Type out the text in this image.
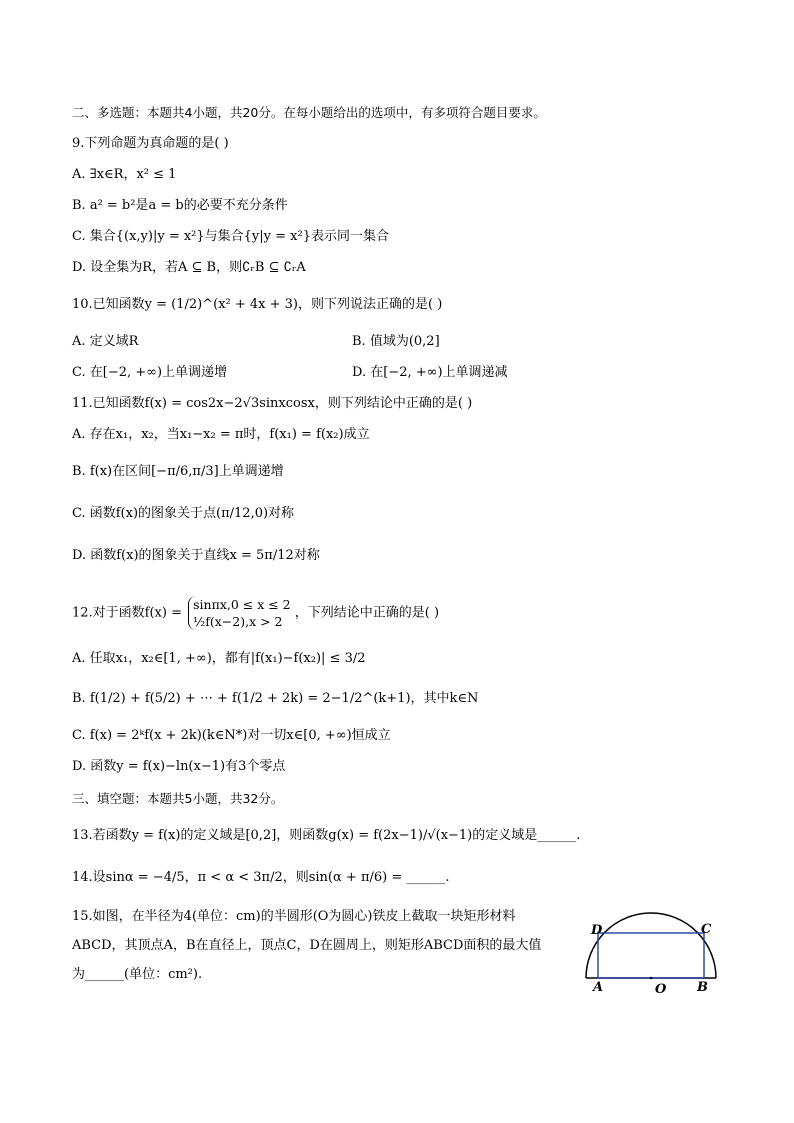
二、多选题：本题共4小题，共20分。在每小题给出的选项中，有多项符合题目要求。
9.下列命题为真命题的是( )
A. ∃x∈R，x² ≤ 1
B. a² = b²是a = b的必要不充分条件
C. 集合{(x,y)|y = x²}与集合{y|y = x²}表示同一集合
D. 设全集为R，若A ⊆ B，则∁ᵣB ⊆ ∁ᵣA
10.已知函数y = (1/2)^(x² + 4x + 3)，则下列说法正确的是( )
A. 定义域R	B. 值域为(0,2]
C. 在[−2, +∞)上单调递增	D. 在[−2, +∞)上单调递减
11.已知函数f(x) = cos2x−2√3sinxcosx，则下列结论中正确的是( )
A. 存在x₁，x₂，当x₁−x₂ = π时，f(x₁) = f(x₂)成立
B. f(x)在区间[−π/6,π/3]上单调递增
C. 函数f(x)的图象关于点(π/12,0)对称
D. 函数f(x)的图象关于直线x = 5π/12对称
12.对于函数f(x) =
sinπx,0 ≤ x ≤ 2
½f(x−2),x > 2
，下列结论中正确的是( )
A. 任取x₁，x₂∈[1, +∞)，都有|f(x₁)−f(x₂)| ≤ 3/2
B. f(1/2) + f(5/2) + ⋯ + f(1/2 + 2k) = 2−1/2^(k+1)，其中k∈N
C. f(x) = 2ᵏf(x + 2k)(k∈N*)对一切x∈[0, +∞)恒成立
D. 函数y = f(x)−ln(x−1)有3个零点
三、填空题：本题共5小题，共32分。
13.若函数y = f(x)的定义域是[0,2]，则函数g(x) = f(2x−1)/√(x−1)的定义域是______.
14.设sinα = −4/5，π < α < 3π/2，则sin(α + π/6) = ______.
15.如图，在半径为4(单位：cm)的半圆形(O为圆心)铁皮上截取一块矩形材料
ABCD，其顶点A，B在直径上，顶点C，D在圆周上，则矩形ABCD面积的最大值
为______(单位：cm²).
D	C
A	O B
